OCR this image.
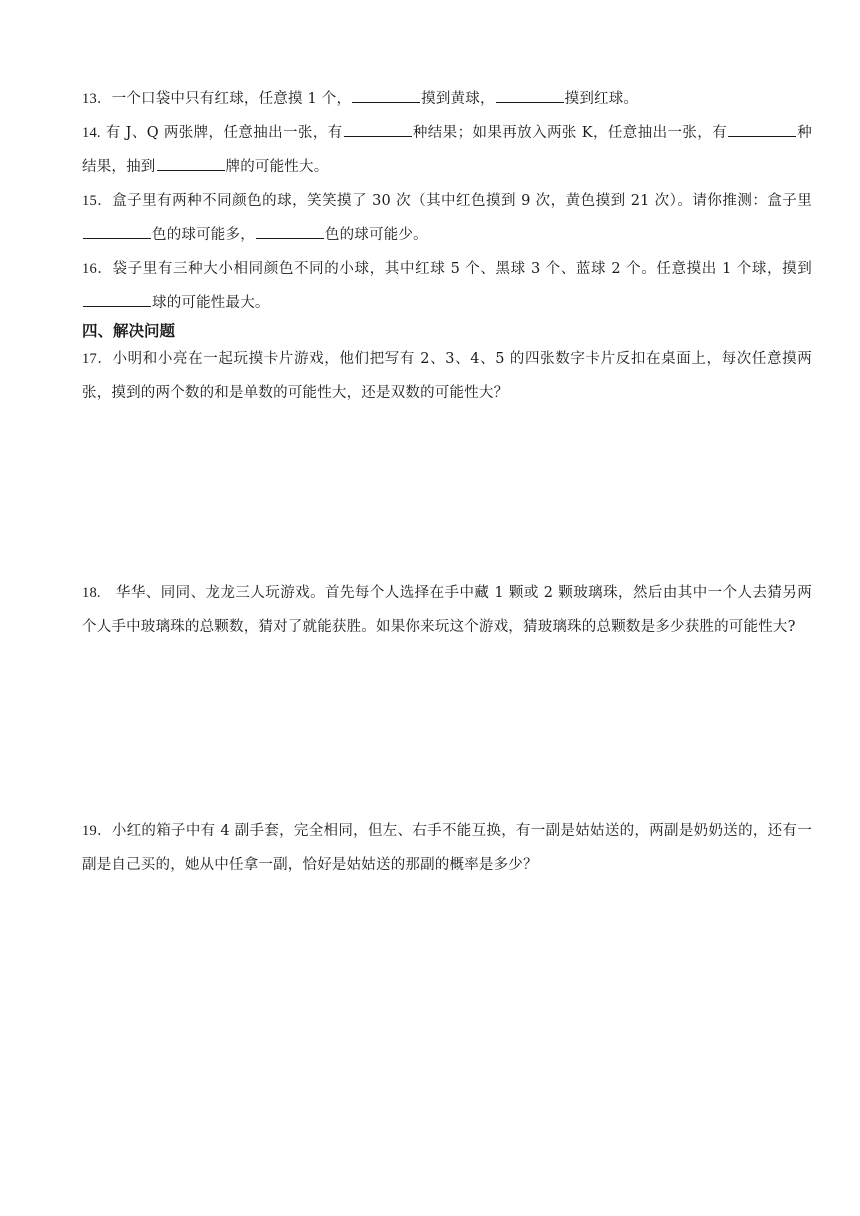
13．一个口袋中只有红球，任意摸 1 个，	摸到黄球，	摸到红球。
14. 有 J、Q 两张牌，任意抽出一张，有	种结果；如果再放入两张 K，任意抽出一张，有	种结果，抽到	牌的可能性大。
15．盒子里有两种不同颜色的球，笑笑摸了 30 次（其中红色摸到 9 次，黄色摸到 21 次）。请你推测：盒子里色的球可能多，	色的球可能少。
16．袋子里有三种大小相同颜色不同的小球，其中红球 5 个、黑球 3 个、蓝球 2 个。任意摸出 1 个球，摸到球的可能性最大。
四、解决问题
17．小明和小亮在一起玩摸卡片游戏，他们把写有 2、3、4、5 的四张数字卡片反扣在桌面上，每次任意摸两张，摸到的两个数的和是单数的可能性大，还是双数的可能性大？
18.　华华、同同、龙龙三人玩游戏。首先每个人选择在手中藏 1 颗或 2 颗玻璃珠，然后由其中一个人去猜另两个人手中玻璃珠的总颗数，猜对了就能获胜。如果你来玩这个游戏，猜玻璃珠的总颗数是多少获胜的可能性大?
19．小红的箱子中有 4 副手套，完全相同，但左、右手不能互换，有一副是姑姑送的，两副是奶奶送的，还有一副是自己买的，她从中任拿一副，恰好是姑姑送的那副的概率是多少？
